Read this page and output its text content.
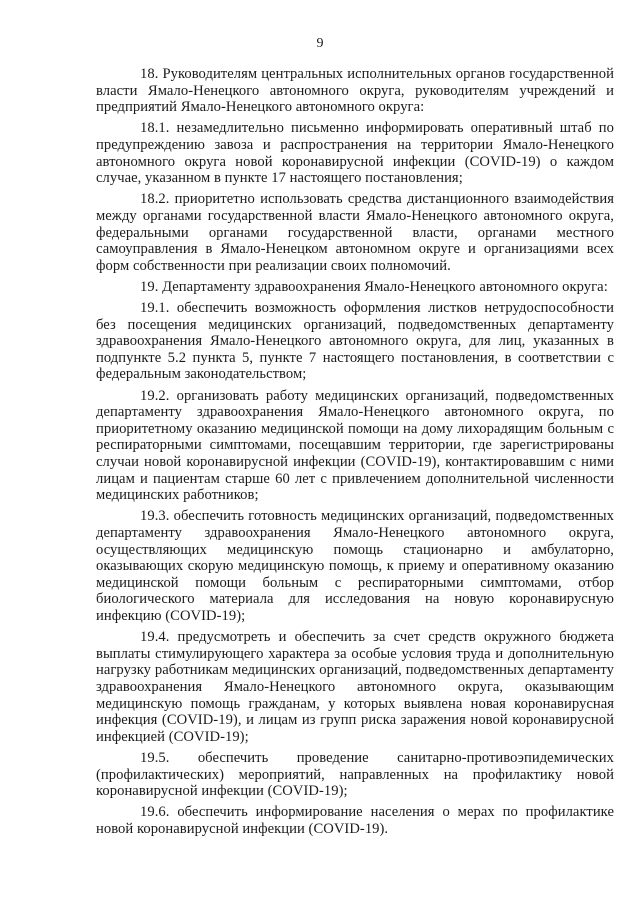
9

18. Руководителям центральных исполнительных органов государственной власти Ямало-Ненецкого автономного округа, руководителям учреждений и предприятий Ямало-Ненецкого автономного округа:

18.1. незамедлительно письменно информировать оперативный штаб по предупреждению завоза и распространения на территории Ямало-Ненецкого автономного округа новой коронавирусной инфекции (COVID-19) о каждом случае, указанном в пункте 17 настоящего постановления;

18.2. приоритетно использовать средства дистанционного взаимодействия между органами государственной власти Ямало-Ненецкого автономного округа, федеральными органами государственной власти, органами местного самоуправления в Ямало-Ненецком автономном округе и организациями всех форм собственности при реализации своих полномочий.

19. Департаменту здравоохранения Ямало-Ненецкого автономного округа:

19.1. обеспечить возможность оформления листков нетрудоспособности без посещения медицинских организаций, подведомственных департаменту здравоохранения Ямало-Ненецкого автономного округа, для лиц, указанных в подпункте 5.2 пункта 5, пункте 7 настоящего постановления, в соответствии с федеральным законодательством;

19.2. организовать работу медицинских организаций, подведомственных департаменту здравоохранения Ямало-Ненецкого автономного округа, по приоритетному оказанию медицинской помощи на дому лихорадящим больным с респираторными симптомами, посещавшим территории, где зарегистрированы случаи новой коронавирусной инфекции (COVID-19), контактировавшим с ними лицам и пациентам старше 60 лет с привлечением дополнительной численности медицинских работников;

19.3. обеспечить готовность медицинских организаций, подведомственных департаменту здравоохранения Ямало-Ненецкого автономного округа, осуществляющих медицинскую помощь стационарно и амбулаторно, оказывающих скорую медицинскую помощь, к приему и оперативному оказанию медицинской помощи больным с респираторными симптомами, отбор биологического материала для исследования на новую коронавирусную инфекцию (COVID-19);

19.4. предусмотреть и обеспечить за счет средств окружного бюджета выплаты стимулирующего характера за особые условия труда и дополнительную нагрузку работникам медицинских организаций, подведомственных департаменту здравоохранения Ямало-Ненецкого автономного округа, оказывающим медицинскую помощь гражданам, у которых выявлена новая коронавирусная инфекция (COVID-19), и лицам из групп риска заражения новой коронавирусной инфекцией (COVID-19);

19.5. обеспечить проведение санитарно-противоэпидемических (профилактических) мероприятий, направленных на профилактику новой коронавирусной инфекции (COVID-19);

19.6. обеспечить информирование населения о мерах по профилактике новой коронавирусной инфекции (COVID-19).
